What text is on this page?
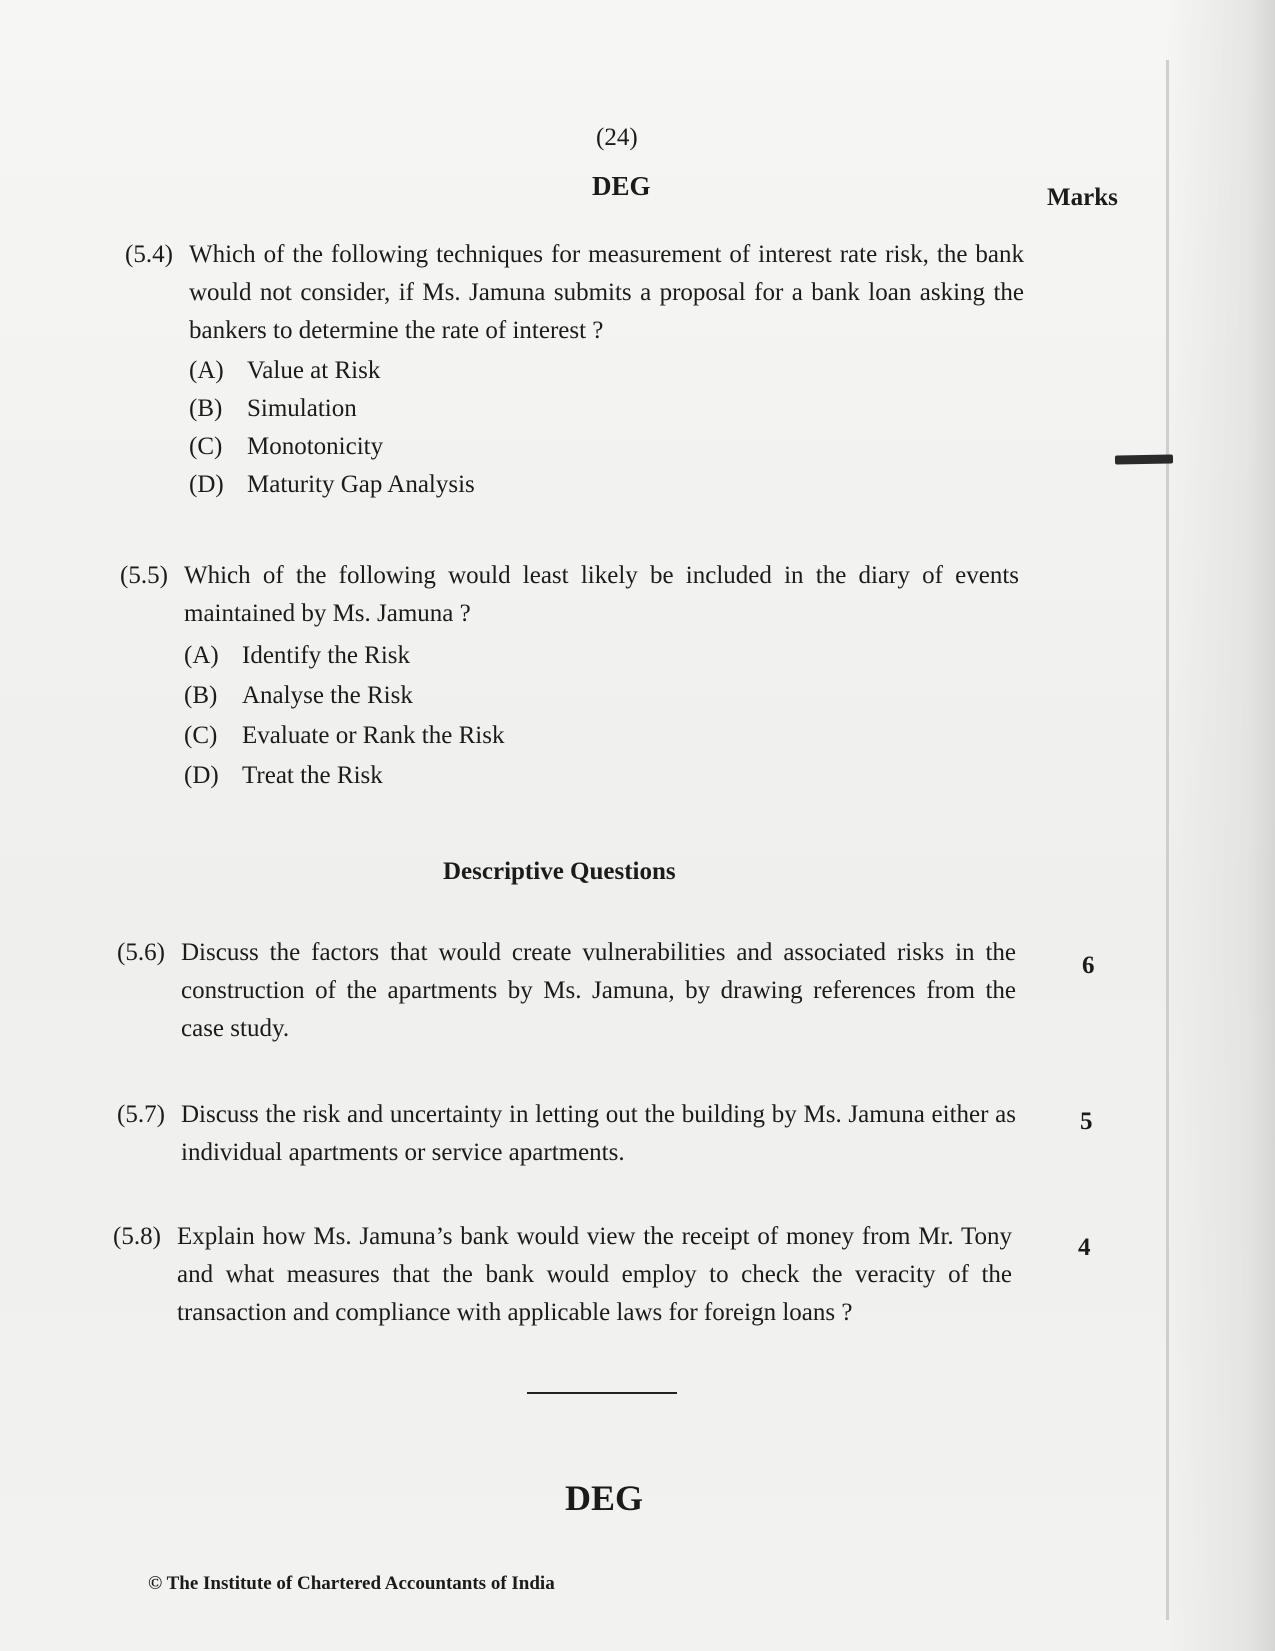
(24)
DEG	Marks
(5.4) Which of the following techniques for measurement of interest rate risk, the bank would not consider, if Ms. Jamuna submits a proposal for a bank loan asking the bankers to determine the rate of interest ?
(A) Value at Risk
(B) Simulation
(C) Monotonicity
(D) Maturity Gap Analysis
(5.5) Which of the following would least likely be included in the diary of events maintained by Ms. Jamuna ?
(A) Identify the Risk
(B) Analyse the Risk
(C) Evaluate or Rank the Risk
(D) Treat the Risk
Descriptive Questions
(5.6) Discuss the factors that would create vulnerabilities and associated risks in the construction of the apartments by Ms. Jamuna, by drawing references from the case study.
6
(5.7) Discuss the risk and uncertainty in letting out the building by Ms. Jamuna either as individual apartments or service apartments.
5
(5.8) Explain how Ms. Jamuna’s bank would view the receipt of money from Mr. Tony and what measures that the bank would employ to check the veracity of the transaction and compliance with applicable laws for foreign loans ?
4
DEG
© The Institute of Chartered Accountants of India
